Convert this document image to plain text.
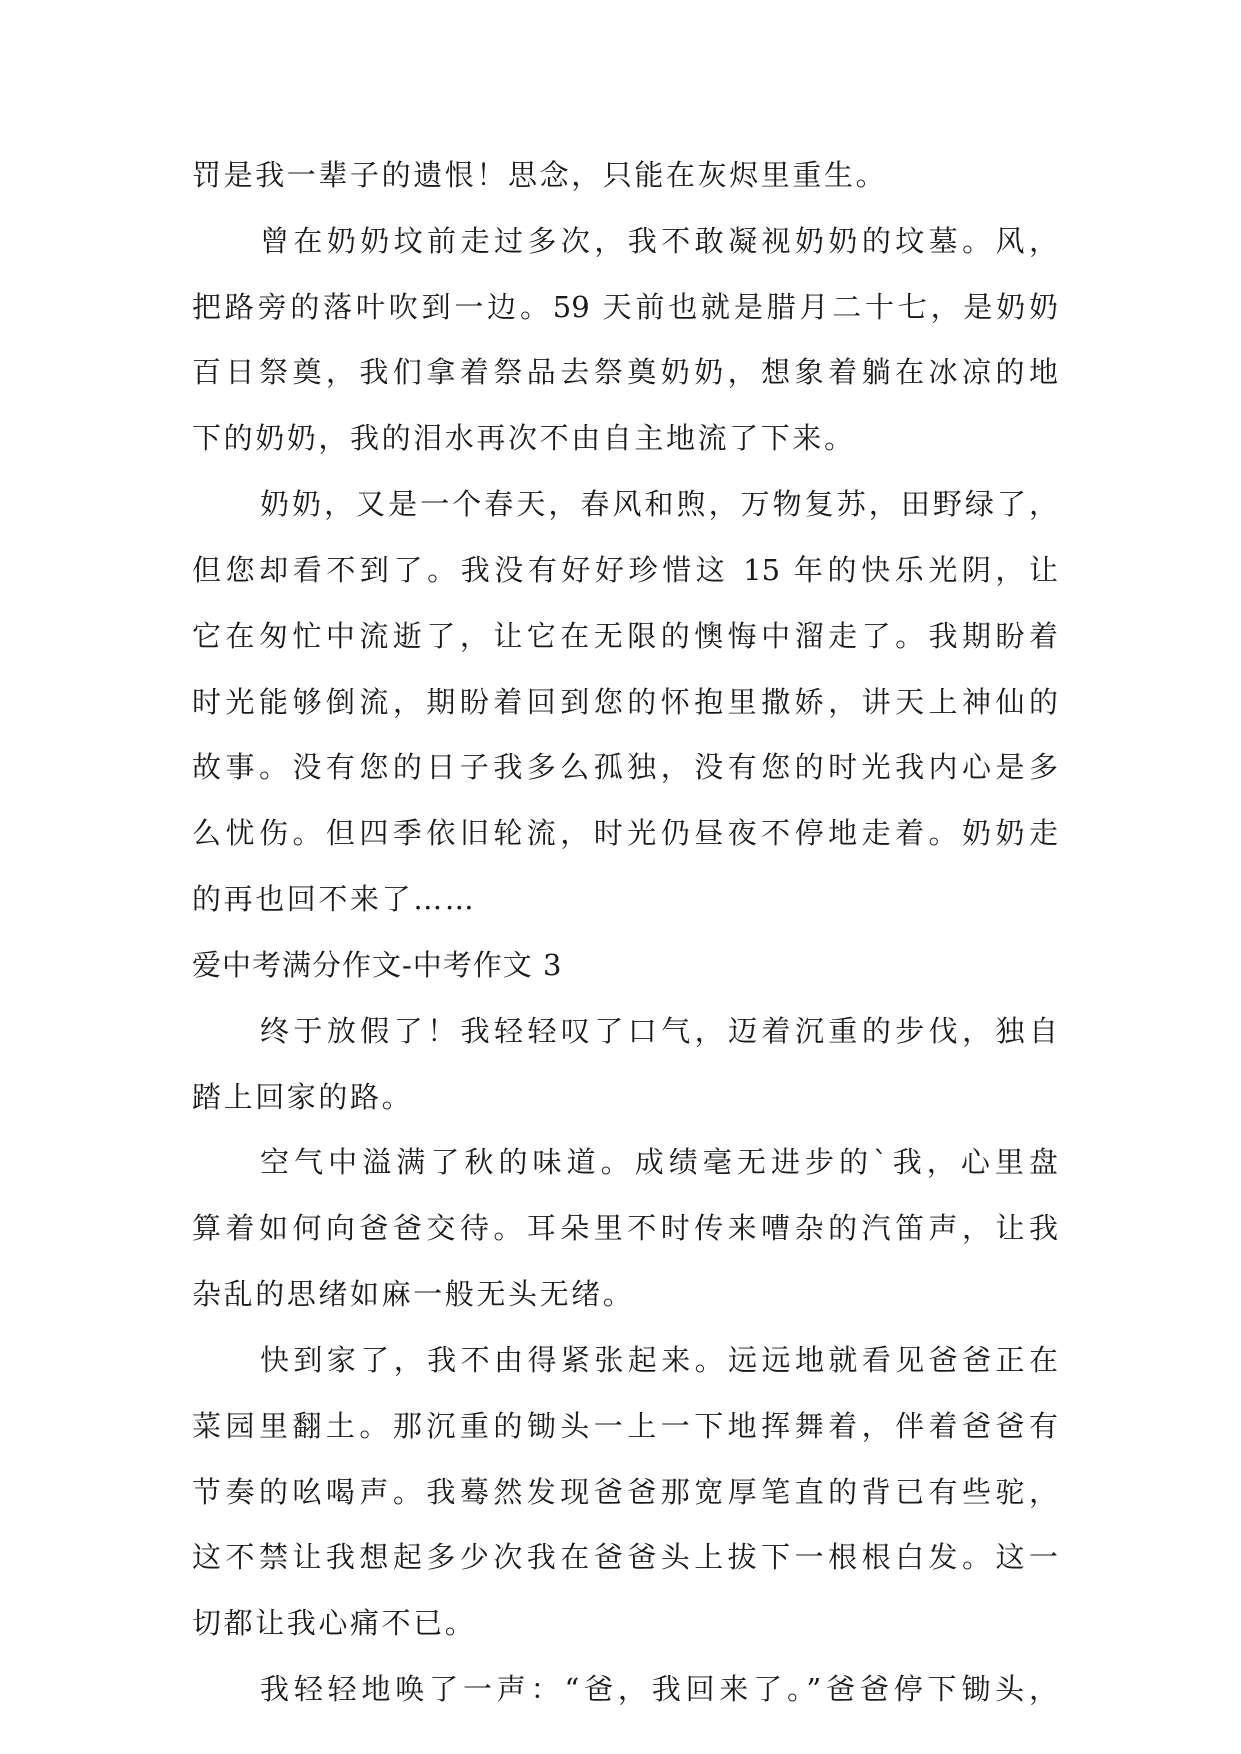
罚是我一辈子的遗恨！思念，只能在灰烬里重生。
曾在奶奶坟前走过多次，我不敢凝视奶奶的坟墓。风，
把路旁的落叶吹到一边。59 天前也就是腊月二十七，是奶奶
百日祭奠，我们拿着祭品去祭奠奶奶，想象着躺在冰凉的地
下的奶奶，我的泪水再次不由自主地流了下来。
奶奶，又是一个春天，春风和煦，万物复苏，田野绿了，
但您却看不到了。我没有好好珍惜这 15 年的快乐光阴，让
它在匆忙中流逝了，让它在无限的懊悔中溜走了。我期盼着
时光能够倒流，期盼着回到您的怀抱里撒娇，讲天上神仙的
故事。没有您的日子我多么孤独，没有您的时光我内心是多
么忧伤。但四季依旧轮流，时光仍昼夜不停地走着。奶奶走
的再也回不来了……
爱中考满分作文-中考作文 3
终于放假了！我轻轻叹了口气，迈着沉重的步伐，独自
踏上回家的路。
空气中溢满了秋的味道。成绩毫无进步的`我，心里盘
算着如何向爸爸交待。耳朵里不时传来嘈杂的汽笛声，让我
杂乱的思绪如麻一般无头无绪。
快到家了，我不由得紧张起来。远远地就看见爸爸正在
菜园里翻土。那沉重的锄头一上一下地挥舞着，伴着爸爸有
节奏的吆喝声。我蓦然发现爸爸那宽厚笔直的背已有些驼，
这不禁让我想起多少次我在爸爸头上拔下一根根白发。这一
切都让我心痛不已。
我轻轻地唤了一声：“爸，我回来了。”爸爸停下锄头，
